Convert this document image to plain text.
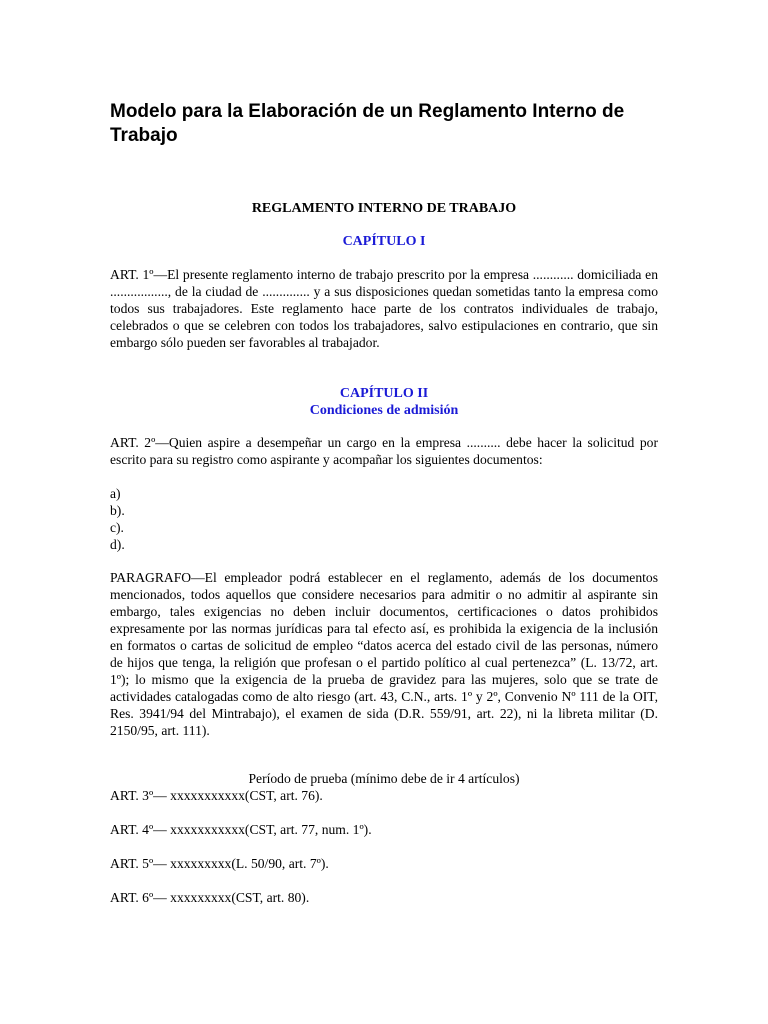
Modelo para la Elaboración de un Reglamento Interno de Trabajo

REGLAMENTO INTERNO DE TRABAJO

CAPÍTULO I

ART. 1º—El presente reglamento interno de trabajo prescrito por la empresa ............ domiciliada en ................., de la ciudad de .............. y a sus disposiciones quedan sometidas tanto la empresa como todos sus trabajadores. Este reglamento hace parte de los contratos individuales de trabajo, celebrados o que se celebren con todos los trabajadores, salvo estipulaciones en contrario, que sin embargo sólo pueden ser favorables al trabajador.

CAPÍTULO II

Condiciones de admisión

ART. 2º—Quien aspire a desempeñar un cargo en la empresa .......... debe hacer la solicitud por escrito para su registro como aspirante y acompañar los siguientes documentos:

a)

b).

c).

d).

PARAGRAFO—El empleador podrá establecer en el reglamento, además de los documentos mencionados, todos aquellos que considere necesarios para admitir o no admitir al aspirante sin embargo, tales exigencias no deben incluir documentos, certificaciones o datos prohibidos expresamente por las normas jurídicas para tal efecto así, es prohibida la exigencia de la inclusión en formatos o cartas de solicitud de empleo “datos acerca del estado civil de las personas, número de hijos que tenga, la religión que profesan o el partido político al cual pertenezca” (L. 13/72, art. 1º); lo mismo que la exigencia de la prueba de gravidez para las mujeres, solo que se trate de actividades catalogadas como de alto riesgo (art. 43, C.N., arts. 1º y 2º, Convenio Nº 111 de la OIT, Res. 3941/94 del Mintrabajo), el examen de sida (D.R. 559/91, art. 22), ni la libreta militar (D. 2150/95, art. 111).

Período de prueba (mínimo debe de ir 4 artículos)

ART. 3º— xxxxxxxxxxx(CST, art. 76).

ART. 4º— xxxxxxxxxxx(CST, art. 77, num. 1º).

ART. 5º— xxxxxxxxx(L. 50/90, art. 7º).

ART. 6º— xxxxxxxxx(CST, art. 80).
